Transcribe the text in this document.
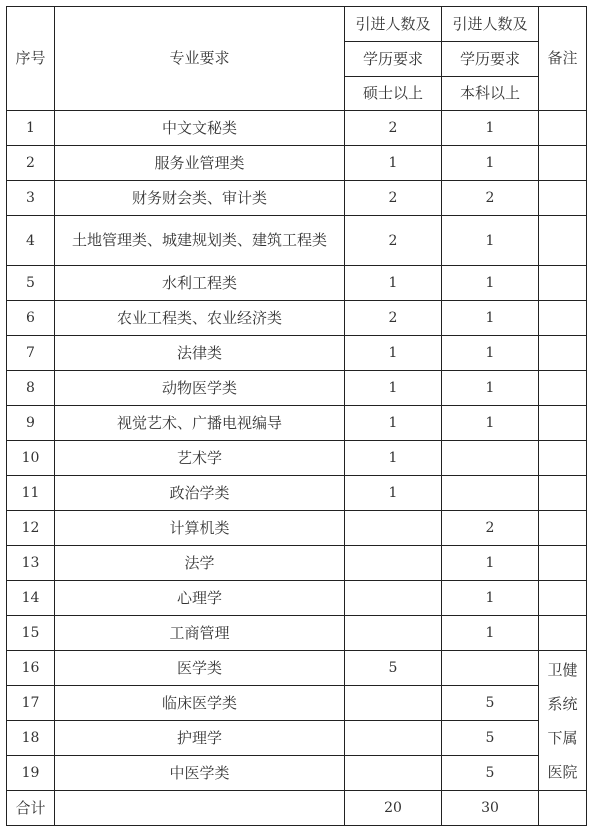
序号	专业要求	引进人数及	引进人数及	备注
		学历要求	学历要求	
		硕士以上	本科以上	
1	中文文秘类	2	1	
2	服务业管理类	1	1	
3	财务财会类、审计类	2	2	
4	土地管理类、城建规划类、建筑工程类	2	1	
5	水利工程类	1	1	
6	农业工程类、农业经济类	2	1	
7	法律类	1	1	
8	动物医学类	1	1	
9	视觉艺术、广播电视编导	1	1	
10	艺术学	1		
11	政治学类	1		
12	计算机类		2	
13	法学		1	
14	心理学		1	
15	工商管理		1	
16	医学类	5		卫健
系统
下属
医院

17	临床医学类		5	
18	护理学		5	
19	中医学类		5	
合计		20	30	
